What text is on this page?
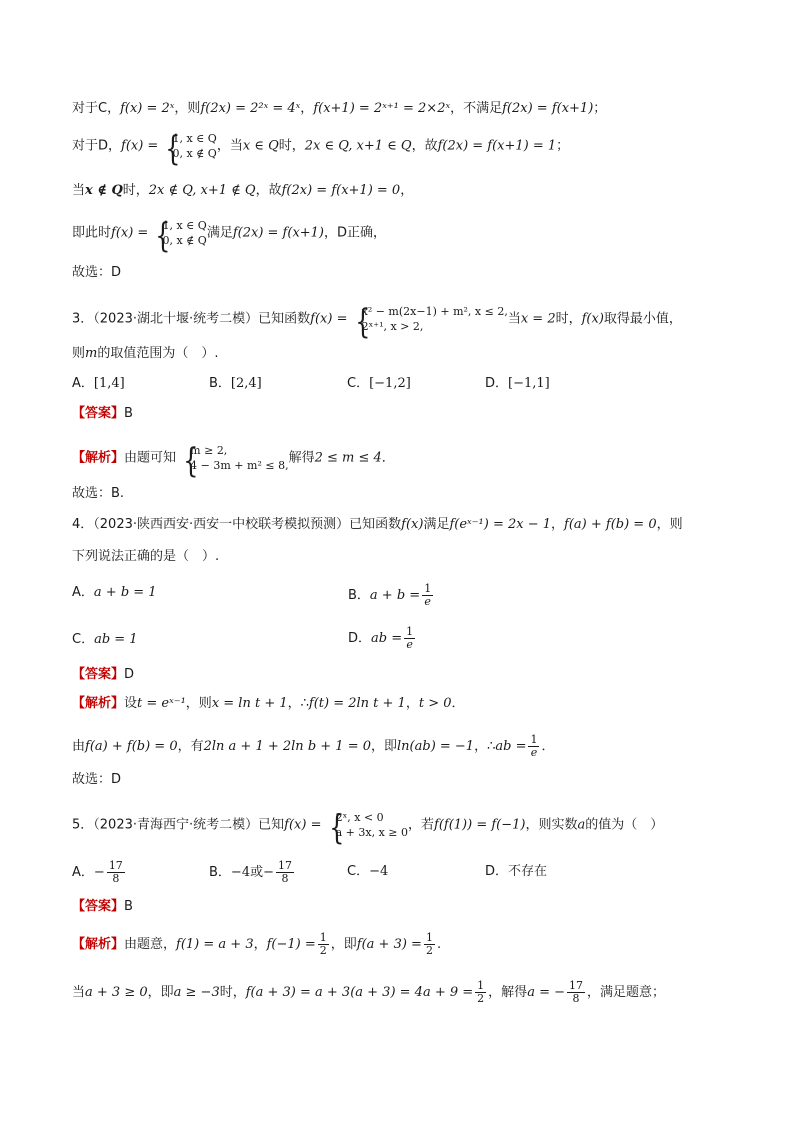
对于C，f(x) = 2ˣ，则f(2x) = 2²ˣ = 4ˣ，f(x+1) = 2ˣ⁺¹ = 2×2ˣ，不满足f(2x) = f(x+1)；
对于D，f(x) = {
1, x ∈ Q
0, x ∉ Q ，当x ∈ Q时，2x ∈ Q, x+1 ∈ Q，故f(2x) = f(x+1) = 1；
当x ∉ Q时，2x ∉ Q, x+1 ∉ Q，故f(2x) = f(x+1) = 0，
即此时f(x) = {
1, x ∈ Q
0, x ∉ Q 满足f(2x) = f(x+1)，D正确，
故选：D
3．（2023·湖北十堰·统考二模）已知函数f(x) = {
x² − m(2x−1) + m², x ≤ 2,
2ˣ⁺¹, x > 2,	当x = 2时，f(x)取得最小值，
则m的取值范围为（　）.
A．[1,4]	B．[2,4]	C．[−1,2]	D．[−1,1]
【答案】B
【解析】由题可知 {
m ≥ 2,
4 − 3m + m² ≤ 8, 解得2 ≤ m ≤ 4．
故选：B.
4．（2023·陕西西安·西安一中校联考模拟预测）已知函数f(x)满足f(eˣ⁻¹) = 2x − 1，f(a) + f(b) = 0，则
下列说法正确的是（　）.
A．a + b = 1	B．$a + b = \frac{1}{e}$
C．ab = 1	D．ab = $\frac{1}{e}$
【答案】D
【解析】设t = eˣ⁻¹，则x = ln t + 1，∴f(t) = 2ln t + 1，t > 0．
由f(a) + f(b) = 0，有2ln a + 1 + 2ln b + 1 = 0，即ln(ab) = −1，∴ab = $\frac{1}{e}$ ．
故选：D
5．（2023·青海西宁·统考二模）已知f(x) = {
2ˣ, x < 0
a + 3x, x ≥ 0 ，若f(f(1)) = f(−1)，则实数a的值为（　）
A．− $\frac{17}{8}$	B．−4或− $\frac{17}{8}$	C．−4	D．不存在
【答案】B
【解析】由题意，f(1) = a + 3，$f(-1) = \frac{1}{2}$ ，即$f(a + 3) = \frac{1}{2}$ .
当a + 3 ≥ 0，即a ≥ −3时，$f(a + 3) = a + 3(a + 3) = 4a + 9 = \frac{1}{2}$ ，解得a = − $\frac{17}{8}$ ，满足题意；
